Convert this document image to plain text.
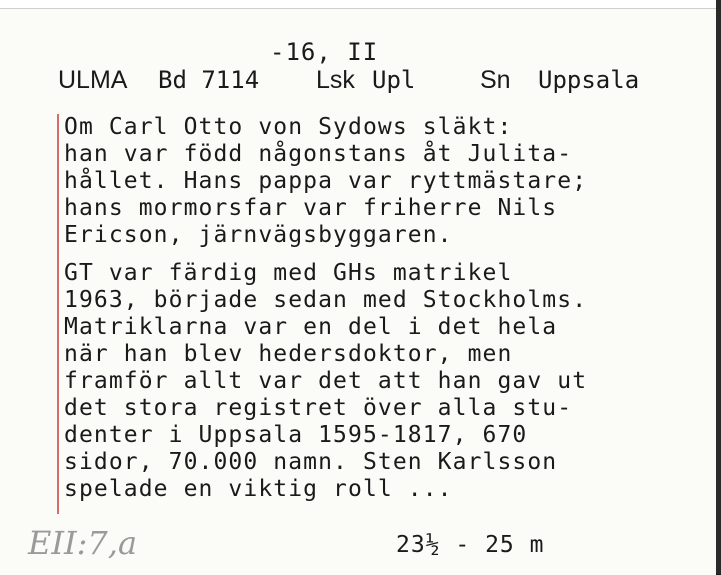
-16, II
ULMA Bd 7114 Lsk Upl	Sn Uppsala
Om Carl Otto von Sydows släkt:
han var född någonstans åt Julita-
hållet. Hans pappa var ryttmästare;
hans mormorsfar var friherre Nils
Ericson, järnvägsbyggaren.
GT var färdig med GHs matrikel
1963, började sedan med Stockholms.
Matriklarna var en del i det hela
när han blev hedersdoktor, men
framför allt var det att han gav ut
det stora registret över alla stu-
denter i Uppsala 1595-1817, 670
sidor, 70.000 namn. Sten Karlsson
spelade en viktig roll ...
EII:7,a	23½ - 25 m
